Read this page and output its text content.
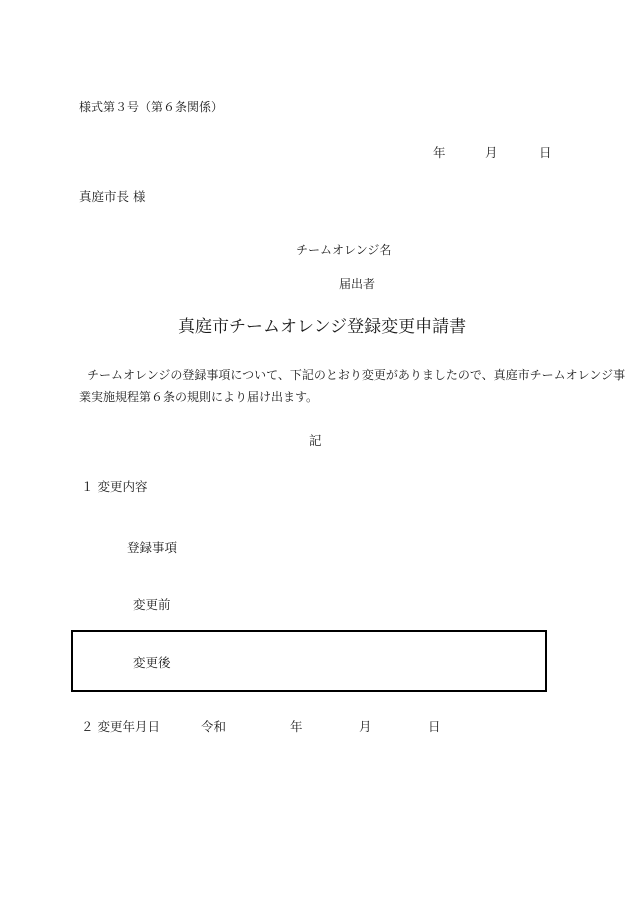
様式第３号（第６条関係）
年	月	日
真庭市長 様
チームオレンジ名
届出者
真庭市チームオレンジ登録変更申請書
チームオレンジの登録事項について、下記のとおり変更がありましたので、真庭市チームオレンジ事
業実施規程第６条の規則により届け出ます。
記
１ 変更内容
登録事項
変更前
変更後
２ 変更年月日	令和	年	月	日
